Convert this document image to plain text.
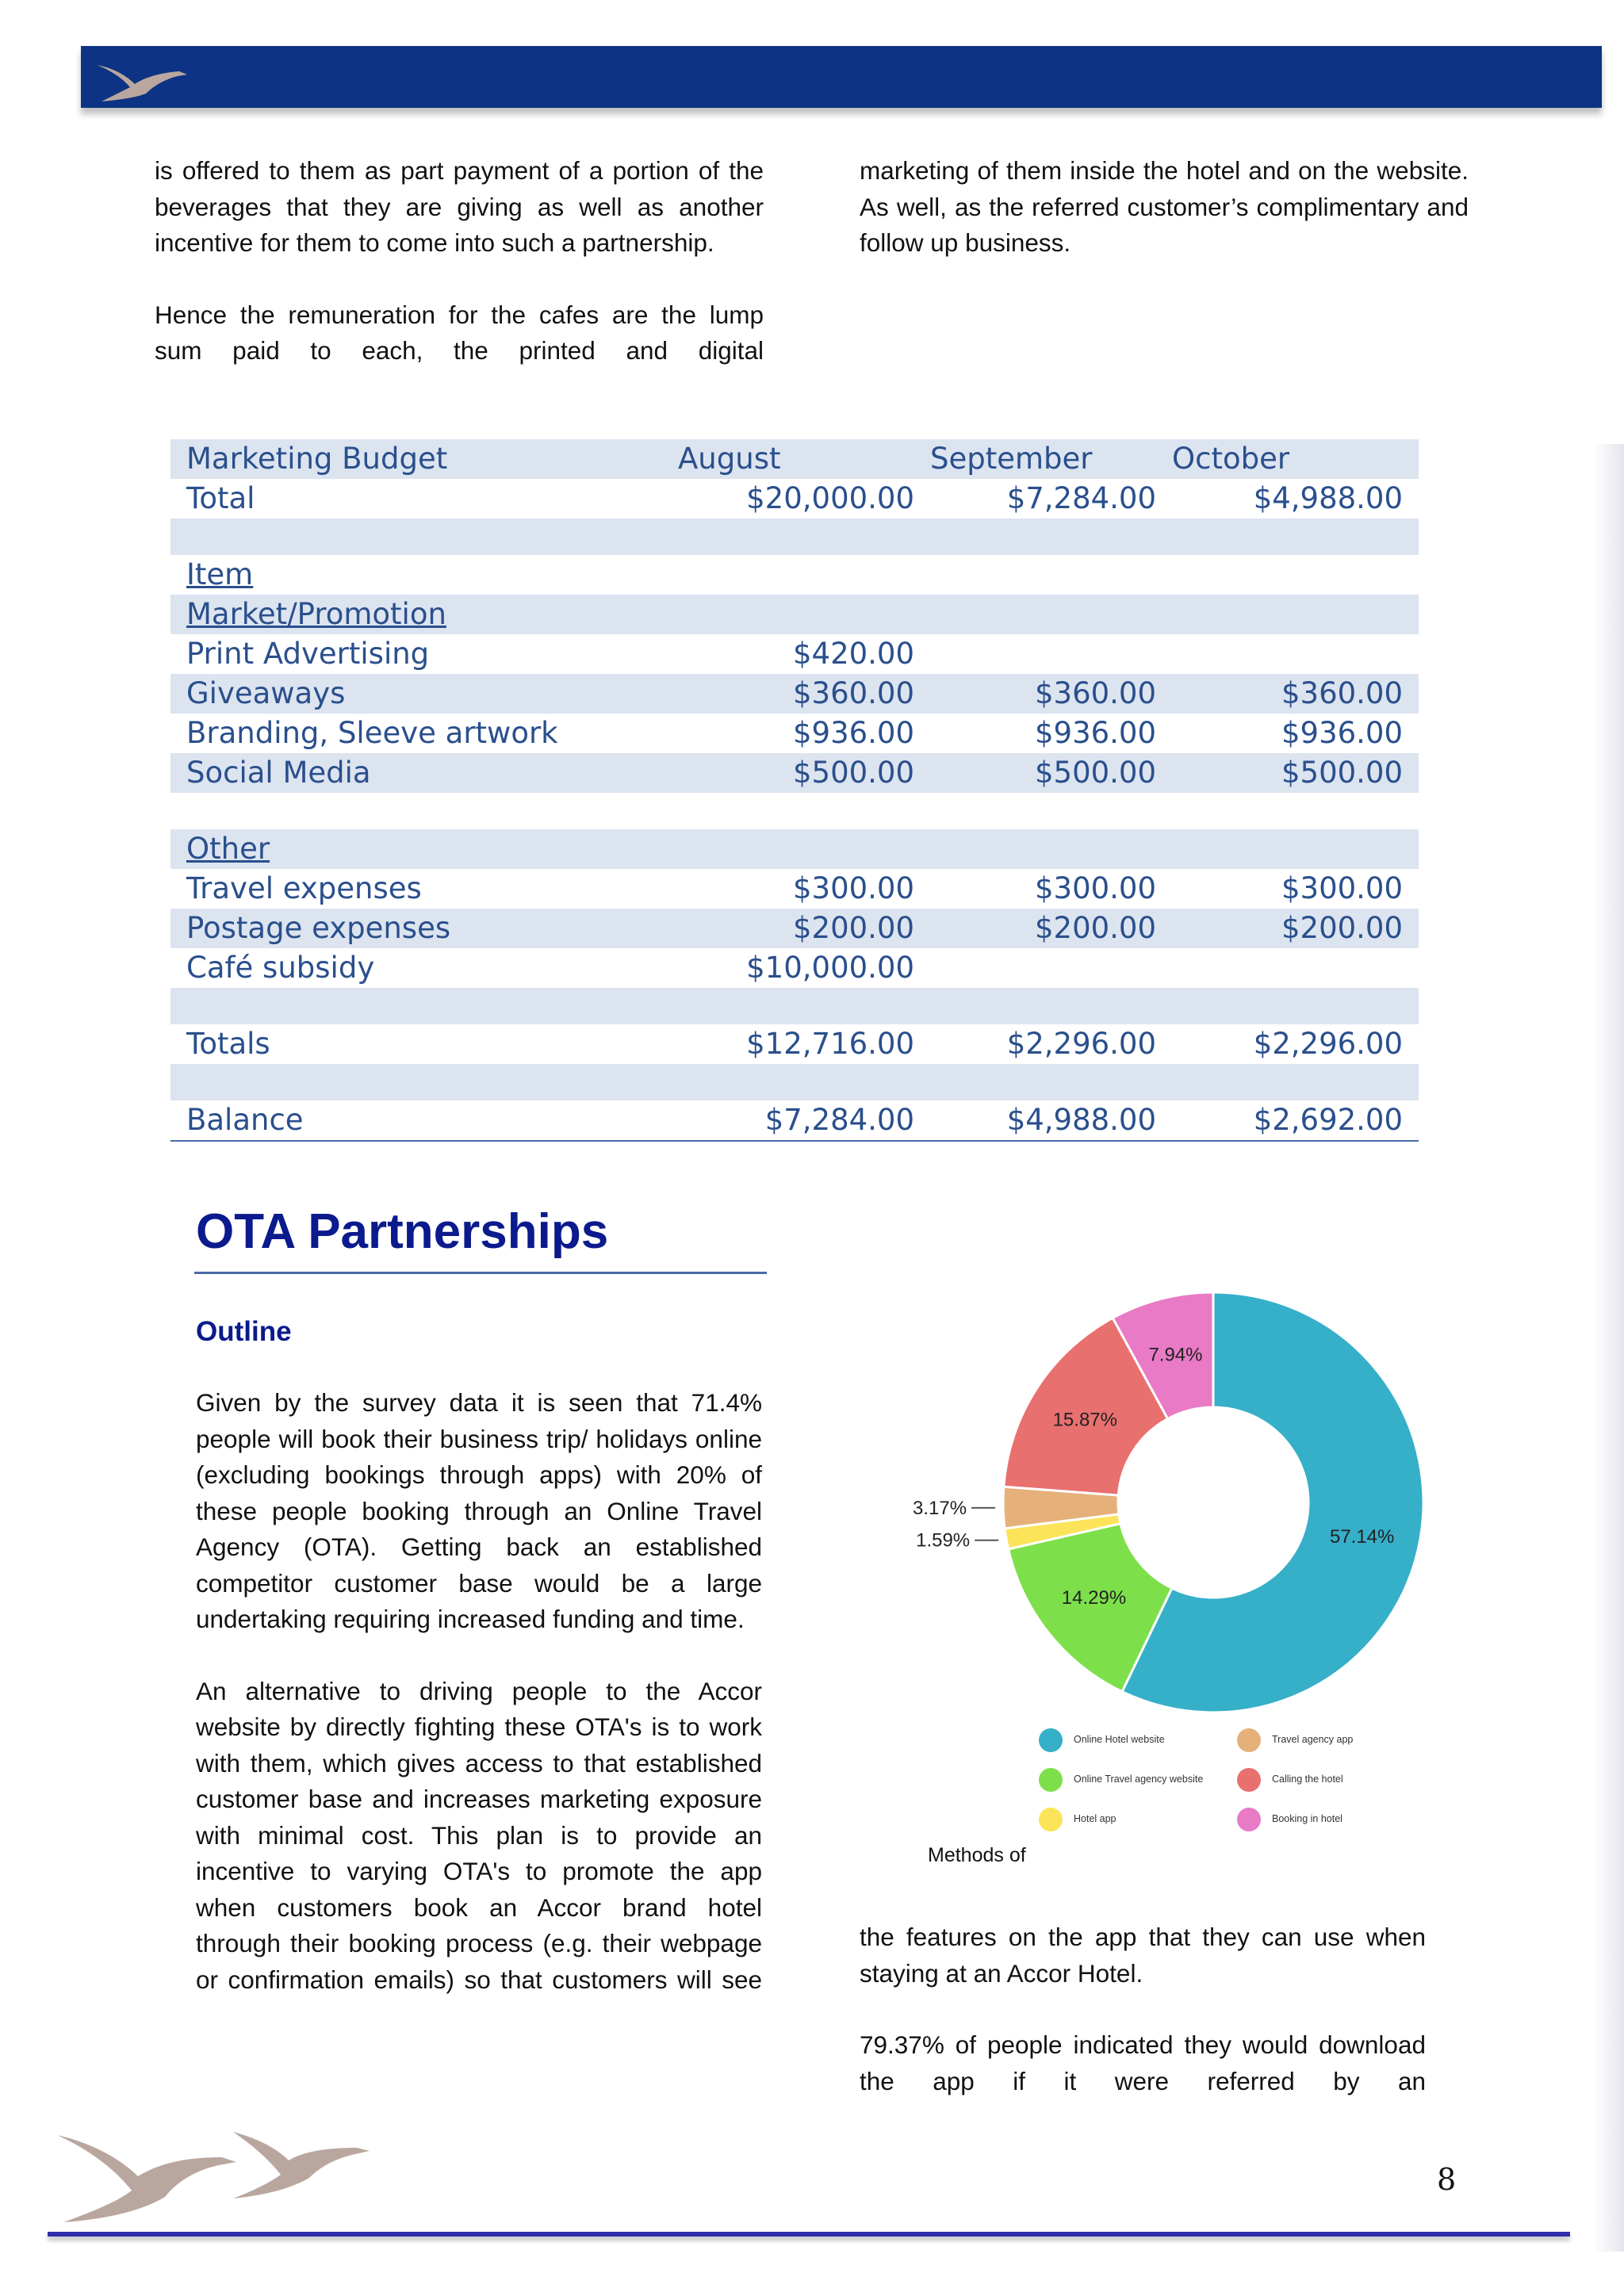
is offered to them as part payment of a portion of the beverages that they are giving as well as another incentive for them to come into such a partnership.

Hence the remuneration for the cafes are the lump sum paid to each, the printed and digital

marketing of them inside the hotel and on the website. As well, as the referred customer’s complimentary and follow up business.

Marketing Budget	August	September	October
Total	$20,000.00	$7,284.00	$4,988.00

Item			
Market/Promotion			
Print Advertising	$420.00		
Giveaways	$360.00	$360.00	$360.00
Branding, Sleeve artwork	$936.00	$936.00	$936.00
Social Media	$500.00	$500.00	$500.00

Other			
Travel expenses	$300.00	$300.00	$300.00
Postage expenses	$200.00	$200.00	$200.00
Café subsidy	$10,000.00		

Totals	$12,716.00	$2,296.00	$2,296.00

Balance	$7,284.00	$4,988.00	$2,692.00
OTA Partnerships
Outline

Given by the survey data it is seen that 71.4% people will book their business trip/ holidays online (excluding bookings through apps) with 20% of these people booking through an Online Travel Agency (OTA). Getting back an established competitor customer base would be a large undertaking requiring increased funding and time.

An alternative to driving people to the Accor website by directly fighting these OTA's is to work with them, which gives access to that established customer base and increases marketing exposure with minimal cost. This plan is to provide an incentive to varying OTA's to promote the app when customers book an Accor brand hotel through their booking process (e.g. their webpage or confirmation emails) so that customers will see

the features on the app that they can use when staying at an Accor Hotel.

79.37% of people indicated they would download the app if it were referred by an

57.14%
14.29%
1.59%
3.17%
15.87%
7.94%
Online Hotel website
Online Travel agency website
Hotel app
Travel agency app
Calling the hotel
Booking in hotel
Methods of
8
